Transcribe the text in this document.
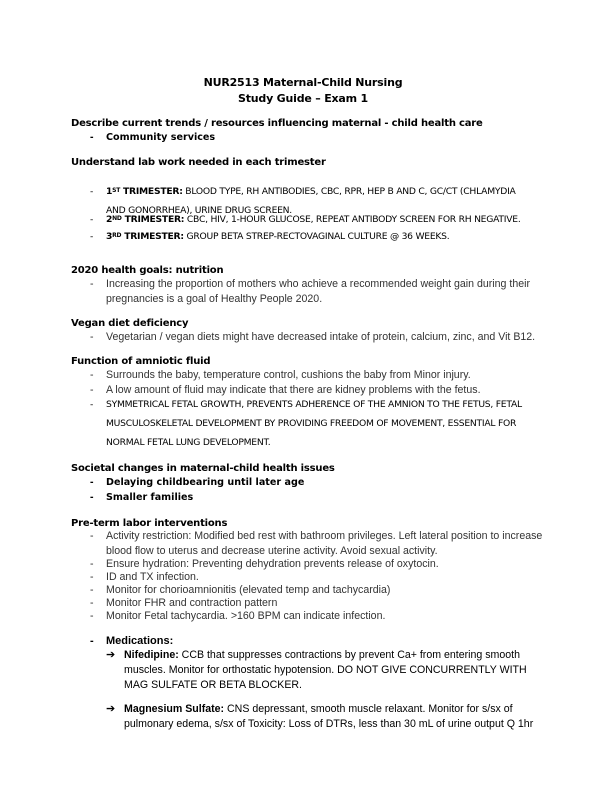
NUR2513 Maternal-Child Nursing
Study Guide – Exam 1
Describe current trends / resources influencing maternal - child health care
- Community services
Understand lab work needed in each trimester
- 1ST TRIMESTER: BLOOD TYPE, RH ANTIBODIES, CBC, RPR, HEP B AND C, GC/CT (CHLAMYDIA AND GONORRHEA), URINE DRUG SCREEN.
- 2ND TRIMESTER: CBC, HIV, 1-HOUR GLUCOSE, REPEAT ANTIBODY SCREEN FOR RH NEGATIVE.
- 3RD TRIMESTER: GROUP BETA STREP-RECTOVAGINAL CULTURE @ 36 WEEKS.
2020 health goals: nutrition
- Increasing the proportion of mothers who achieve a recommended weight gain during their pregnancies is a goal of Healthy People 2020.
Vegan diet deficiency
- Vegetarian / vegan diets might have decreased intake of protein, calcium, zinc, and Vit B12.
Function of amniotic fluid
- Surrounds the baby, temperature control, cushions the baby from Minor injury.
- A low amount of fluid may indicate that there are kidney problems with the fetus.
- SYMMETRICAL FETAL GROWTH, PREVENTS ADHERENCE OF THE AMNION TO THE FETUS, FETAL MUSCULOSKELETAL DEVELOPMENT BY PROVIDING FREEDOM OF MOVEMENT, ESSENTIAL FOR NORMAL FETAL LUNG DEVELOPMENT.
Societal changes in maternal-child health issues
- Delaying childbearing until later age
- Smaller families
Pre-term labor interventions
- Activity restriction: Modified bed rest with bathroom privileges. Left lateral position to increase blood flow to uterus and decrease uterine activity. Avoid sexual activity.
- Ensure hydration: Preventing dehydration prevents release of oxytocin.
- ID and TX infection.
- Monitor for chorioamnionitis (elevated temp and tachycardia)
- Monitor FHR and contraction pattern
- Monitor Fetal tachycardia. >160 BPM can indicate infection.
- Medications:
➔ Nifedipine: CCB that suppresses contractions by prevent Ca+ from entering smooth muscles. Monitor for orthostatic hypotension. DO NOT GIVE CONCURRENTLY WITH MAG SULFATE OR BETA BLOCKER.
➔ Magnesium Sulfate: CNS depressant, smooth muscle relaxant. Monitor for s/sx of pulmonary edema, s/sx of Toxicity: Loss of DTRs, less than 30 mL of urine output Q 1hr
